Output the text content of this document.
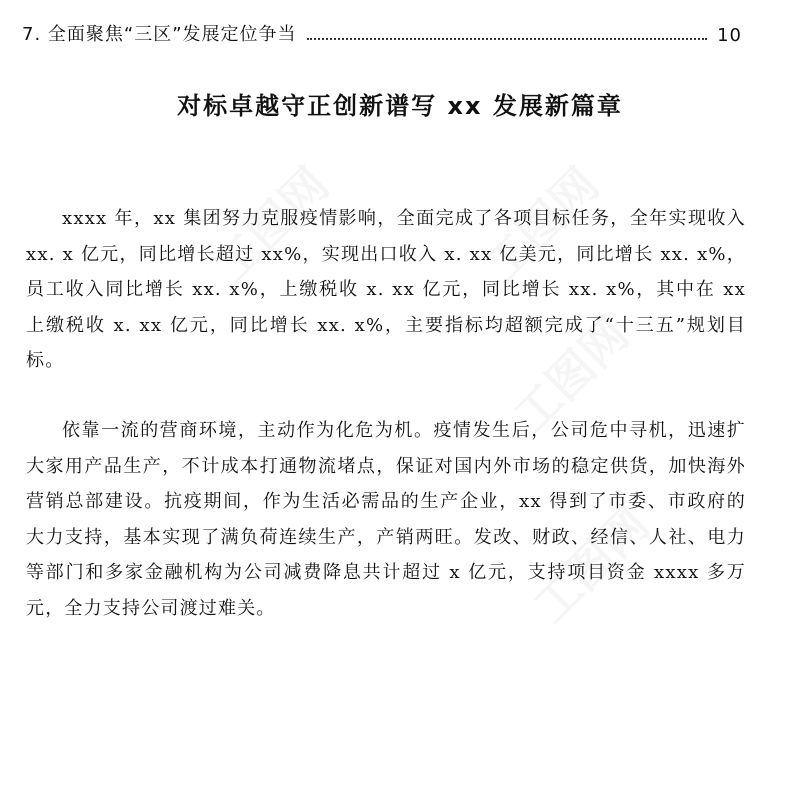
7. 全面聚焦“三区”发展定位争当	10
工图网	工图网
工图网
工图网
对标卓越守正创新谱写 xx 发展新篇章

xxxx 年，xx 集团努力克服疫情影响，全面完成了各项目标任务，全年实现收入 xx. x 亿元，同比增长超过 xx%，实现出口收入 x. xx 亿美元，同比增长 xx. x%，员工收入同比增长 xx. x%，上缴税收 x. xx 亿元，同比增长 xx. x%，其中在 xx 上缴税收 x. xx 亿元，同比增长 xx. x%，主要指标均超额完成了“十三五”规划目标。

依靠一流的营商环境，主动作为化危为机。疫情发生后，公司危中寻机，迅速扩大家用产品生产，不计成本打通物流堵点，保证对国内外市场的稳定供货，加快海外营销总部建设。抗疫期间，作为生活必需品的生产企业，xx 得到了市委、市政府的大力支持，基本实现了满负荷连续生产，产销两旺。发改、财政、经信、人社、电力等部门和多家金融机构为公司减费降息共计超过 x 亿元，支持项目资金 xxxx 多万元，全力支持公司渡过难关。
